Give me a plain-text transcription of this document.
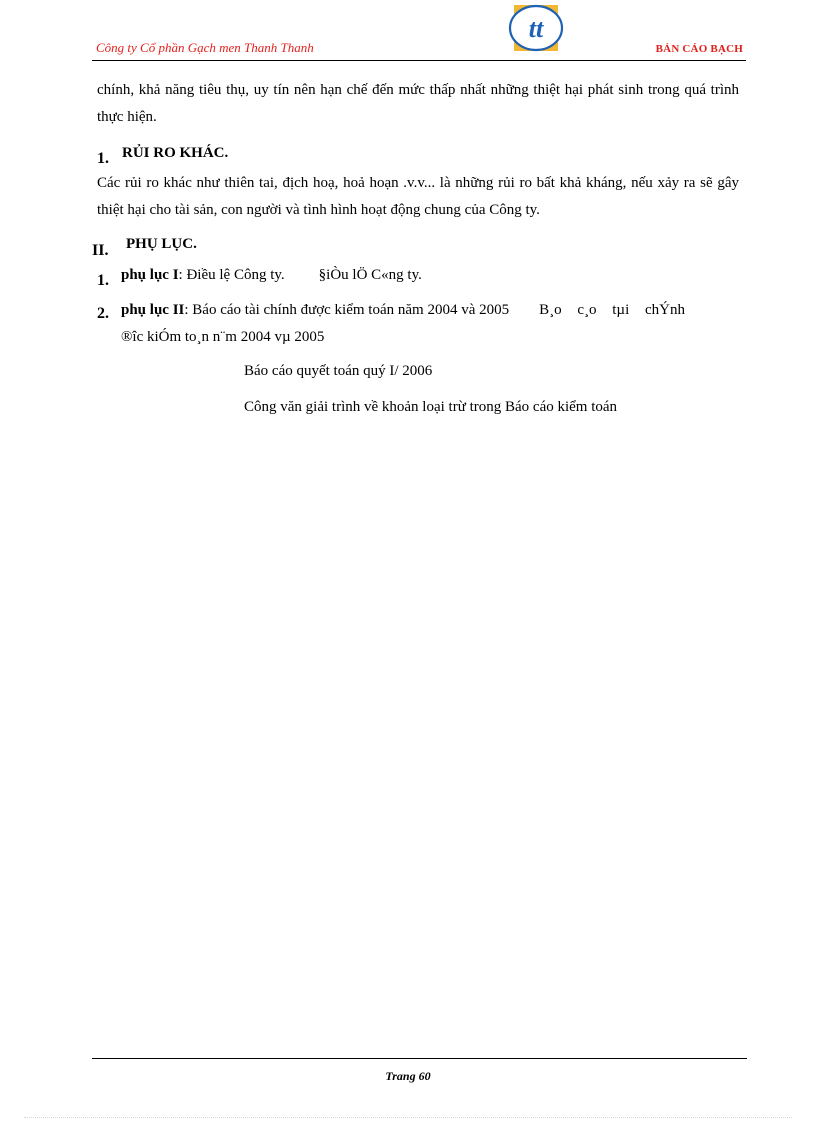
Công ty Cổ phần Gạch men Thanh Thanh
tt
BẢN CÁO BẠCH
chính, khả năng tiêu thụ, uy tín nên hạn chế đến mức thấp nhất những thiệt hại phát sinh trong quá trình thực hiện.
1. RỦI RO KHÁC.
Các rủi ro khác như thiên tai, địch hoạ, hoả hoạn .v.v... là những rủi ro bất khả kháng, nếu xảy ra sẽ gây thiệt hại cho tài sản, con người và tình hình hoạt động chung của Công ty.
II. PHỤ LỤC.
1. phụ lục I: Điều lệ Công ty. §iÒu lÖ C«ng ty.
2. phụ lục II: Báo cáo tài chính được kiểm toán năm 2004 và 2005 B¸o c¸o tµi chÝnh
®îc kiÓm to¸n n¨m 2004 vµ 2005
Báo cáo quyết toán quý I/ 2006
Công văn giải trình về khoản loại trừ trong Báo cáo kiểm toán
Trang 60
